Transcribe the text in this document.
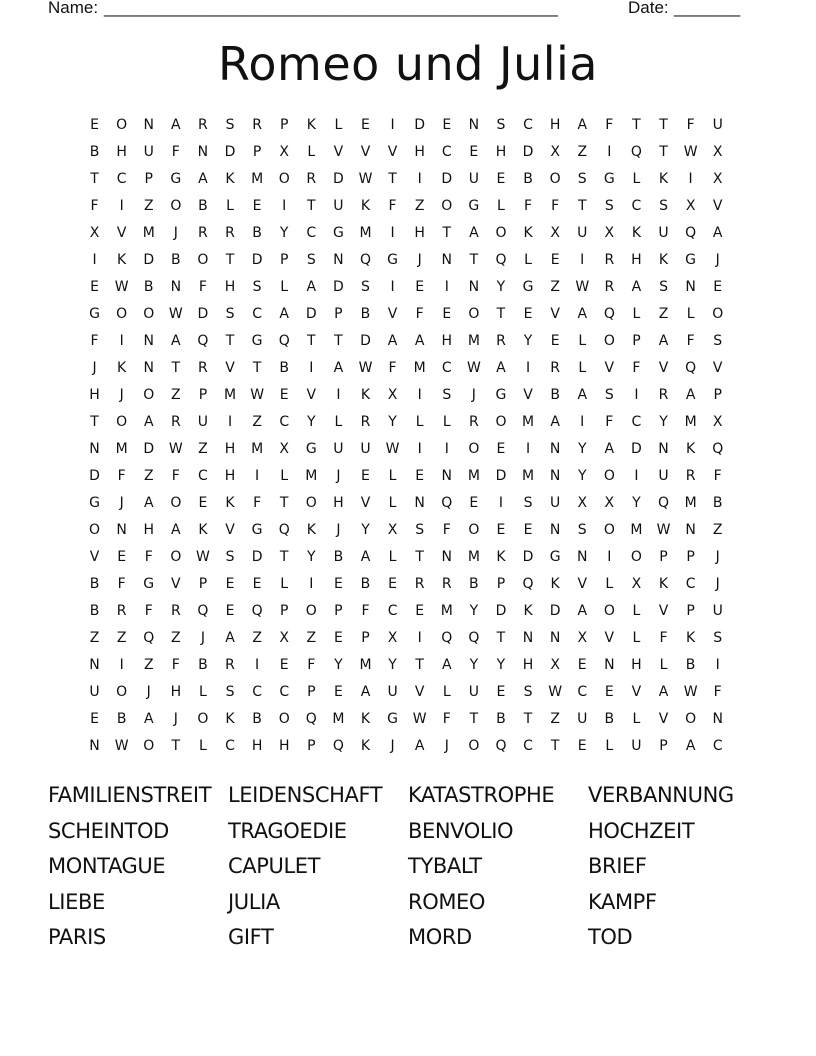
Name: ________________________________________________	Date: _______
Romeo und Julia
E	O	N	A	R	S	R	P	K	L	E	I	D	E	N	S	C	H	A	F	T	T	F	U
B	H	U	F	N	D	P	X	L	V	V	V	H	C	E	H	D	X	Z	I	Q	T	W	X
T	C	P	G	A	K	M	O	R	D	W	T	I	D	U	E	B	O	S	G	L	K	I	X
F	I	Z	O	B	L	E	I	T	U	K	F	Z	O	G	L	F	F	T	S	C	S	X	V
X	V	M	J	R	R	B	Y	C	G	M	I	H	T	A	O	K	X	U	X	K	U	Q	A
I	K	D	B	O	T	D	P	S	N	Q	G	J	N	T	Q	L	E	I	R	H	K	G	J
E	W	B	N	F	H	S	L	A	D	S	I	E	I	N	Y	G	Z	W	R	A	S	N	E
G	O	O	W	D	S	C	A	D	P	B	V	F	E	O	T	E	V	A	Q	L	Z	L	O
F	I	N	A	Q	T	G	Q	T	T	D	A	A	H	M	R	Y	E	L	O	P	A	F	S
J	K	N	T	R	V	T	B	I	A	W	F	M	C	W	A	I	R	L	V	F	V	Q	V
H	J	O	Z	P	M	W	E	V	I	K	X	I	S	J	G	V	B	A	S	I	R	A	P
T	O	A	R	U	I	Z	C	Y	L	R	Y	L	L	R	O	M	A	I	F	C	Y	M	X
N	M	D	W	Z	H	M	X	G	U	U	W	I	I	O	E	I	N	Y	A	D	N	K	Q
D	F	Z	F	C	H	I	L	M	J	E	L	E	N	M	D	M	N	Y	O	I	U	R	F
G	J	A	O	E	K	F	T	O	H	V	L	N	Q	E	I	S	U	X	X	Y	Q	M	B
O	N	H	A	K	V	G	Q	K	J	Y	X	S	F	O	E	E	N	S	O	M	W	N	Z
V	E	F	O	W	S	D	T	Y	B	A	L	T	N	M	K	D	G	N	I	O	P	P	J
B	F	G	V	P	E	E	L	I	E	B	E	R	R	B	P	Q	K	V	L	X	K	C	J
B	R	F	R	Q	E	Q	P	O	P	F	C	E	M	Y	D	K	D	A	O	L	V	P	U
Z	Z	Q	Z	J	A	Z	X	Z	E	P	X	I	Q	Q	T	N	N	X	V	L	F	K	S
N	I	Z	F	B	R	I	E	F	Y	M	Y	T	A	Y	Y	H	X	E	N	H	L	B	I
U	O	J	H	L	S	C	C	P	E	A	U	V	L	U	E	S	W	C	E	V	A	W	F
E	B	A	J	O	K	B	O	Q	M	K	G	W	F	T	B	T	Z	U	B	L	V	O	N
N	W	O	T	L	C	H	H	P	Q	K	J	A	J	O	Q	C	T	E	L	U	P	A	C
FAMILIENSTREIT LEIDENSCHAFT	KATASTROPHE	VERBANNUNG
SCHEINTOD	TRAGOEDIE	BENVOLIO	HOCHZEIT
MONTAGUE	CAPULET	TYBALT	BRIEF
LIEBE	JULIA	ROMEO	KAMPF
PARIS	GIFT	MORD	TOD
